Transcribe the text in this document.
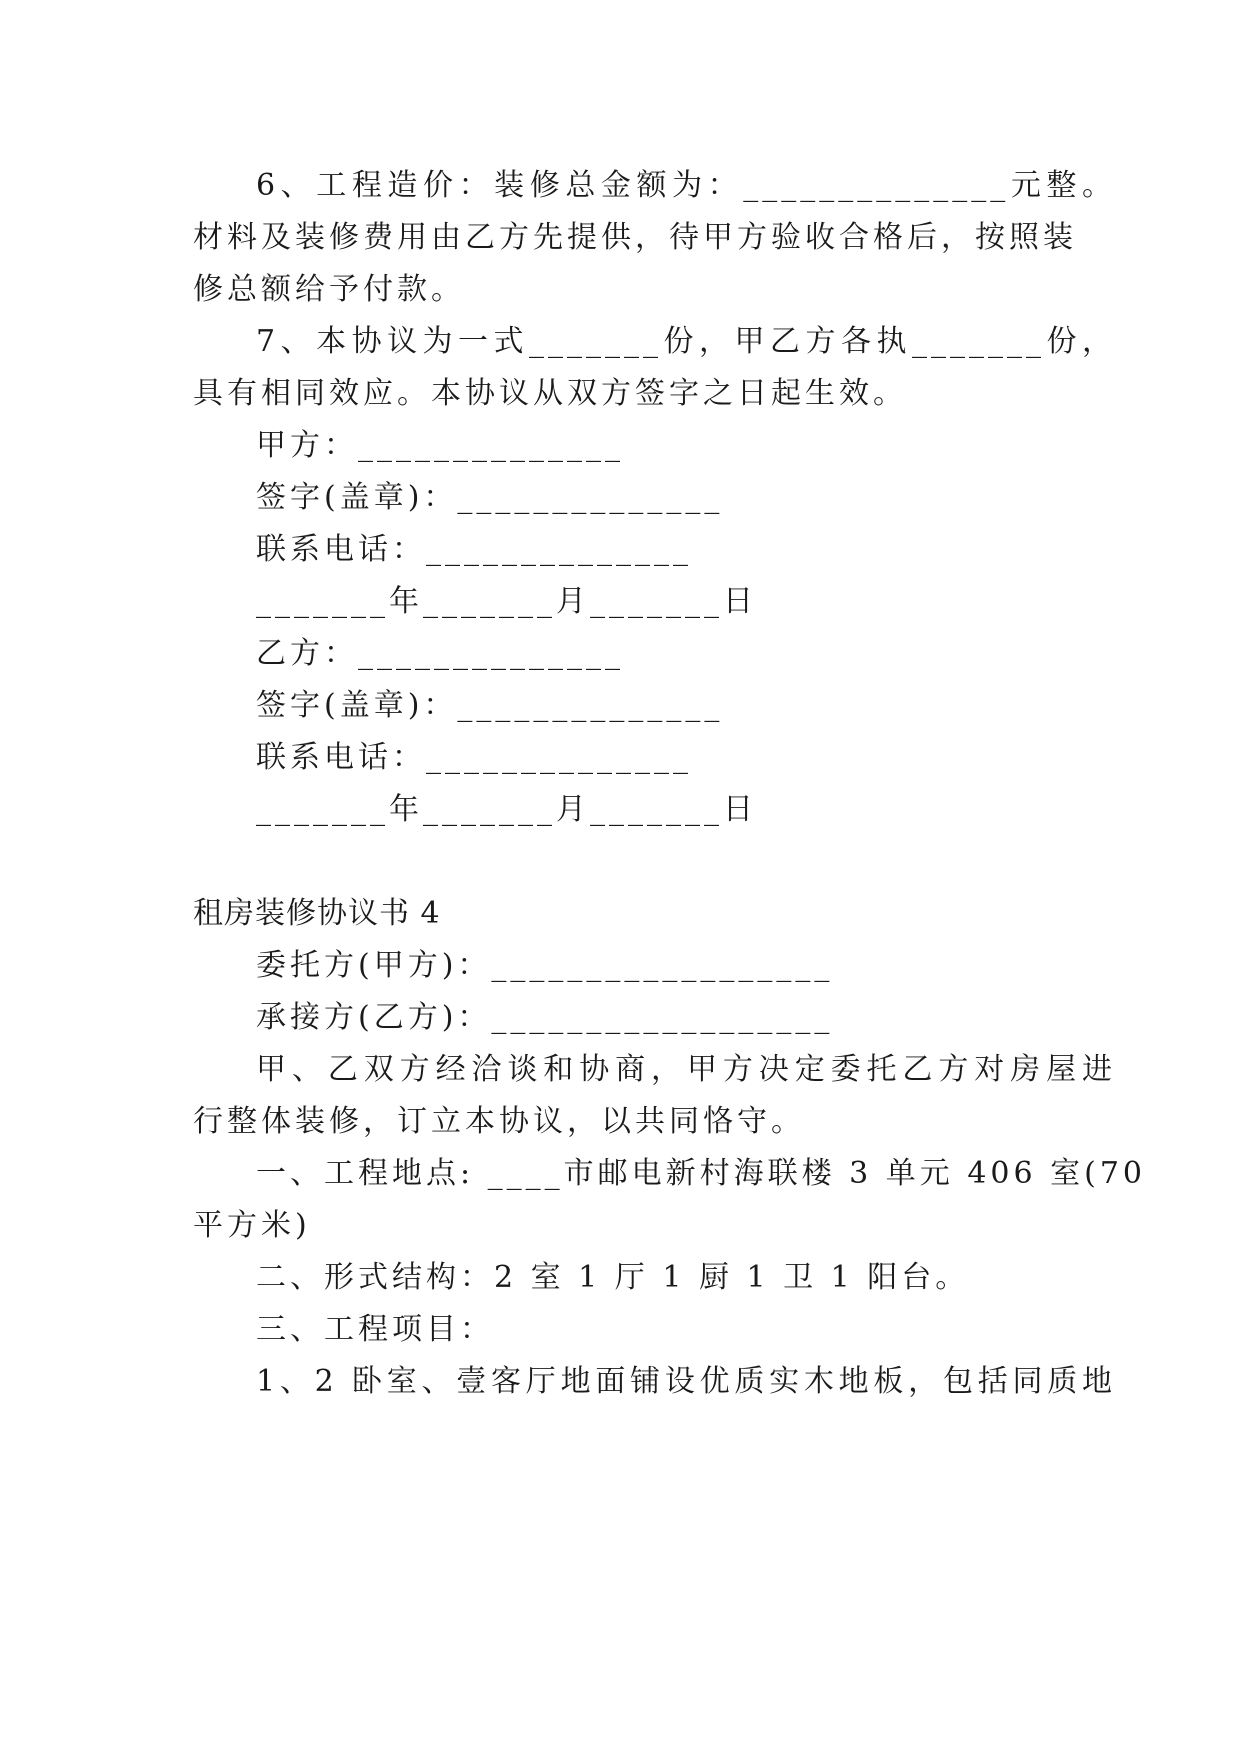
6、工程造价：装修总金额为：______________元整。
材料及装修费用由乙方先提供，待甲方验收合格后，按照装
修总额给予付款。
7、本协议为一式_______份，甲乙方各执_______份，
具有相同效应。本协议从双方签字之日起生效。
甲方：______________
签字(盖章)：______________
联系电话：______________
_______年_______月_______日
乙方：______________
签字(盖章)：______________
联系电话：______________
_______年_______月_______日
租房装修协议书 4
委托方(甲方)：__________________
承接方(乙方)：__________________
甲、乙双方经洽谈和协商，甲方决定委托乙方对房屋进
行整体装修，订立本协议，以共同恪守。
一、工程地点: ____市邮电新村海联楼 3 单元 406 室(70
平方米)
二、形式结构：2 室 1 厅 1 厨 1 卫 1 阳台。
三、工程项目：
1、2 卧室、壹客厅地面铺设优质实木地板，包括同质地
